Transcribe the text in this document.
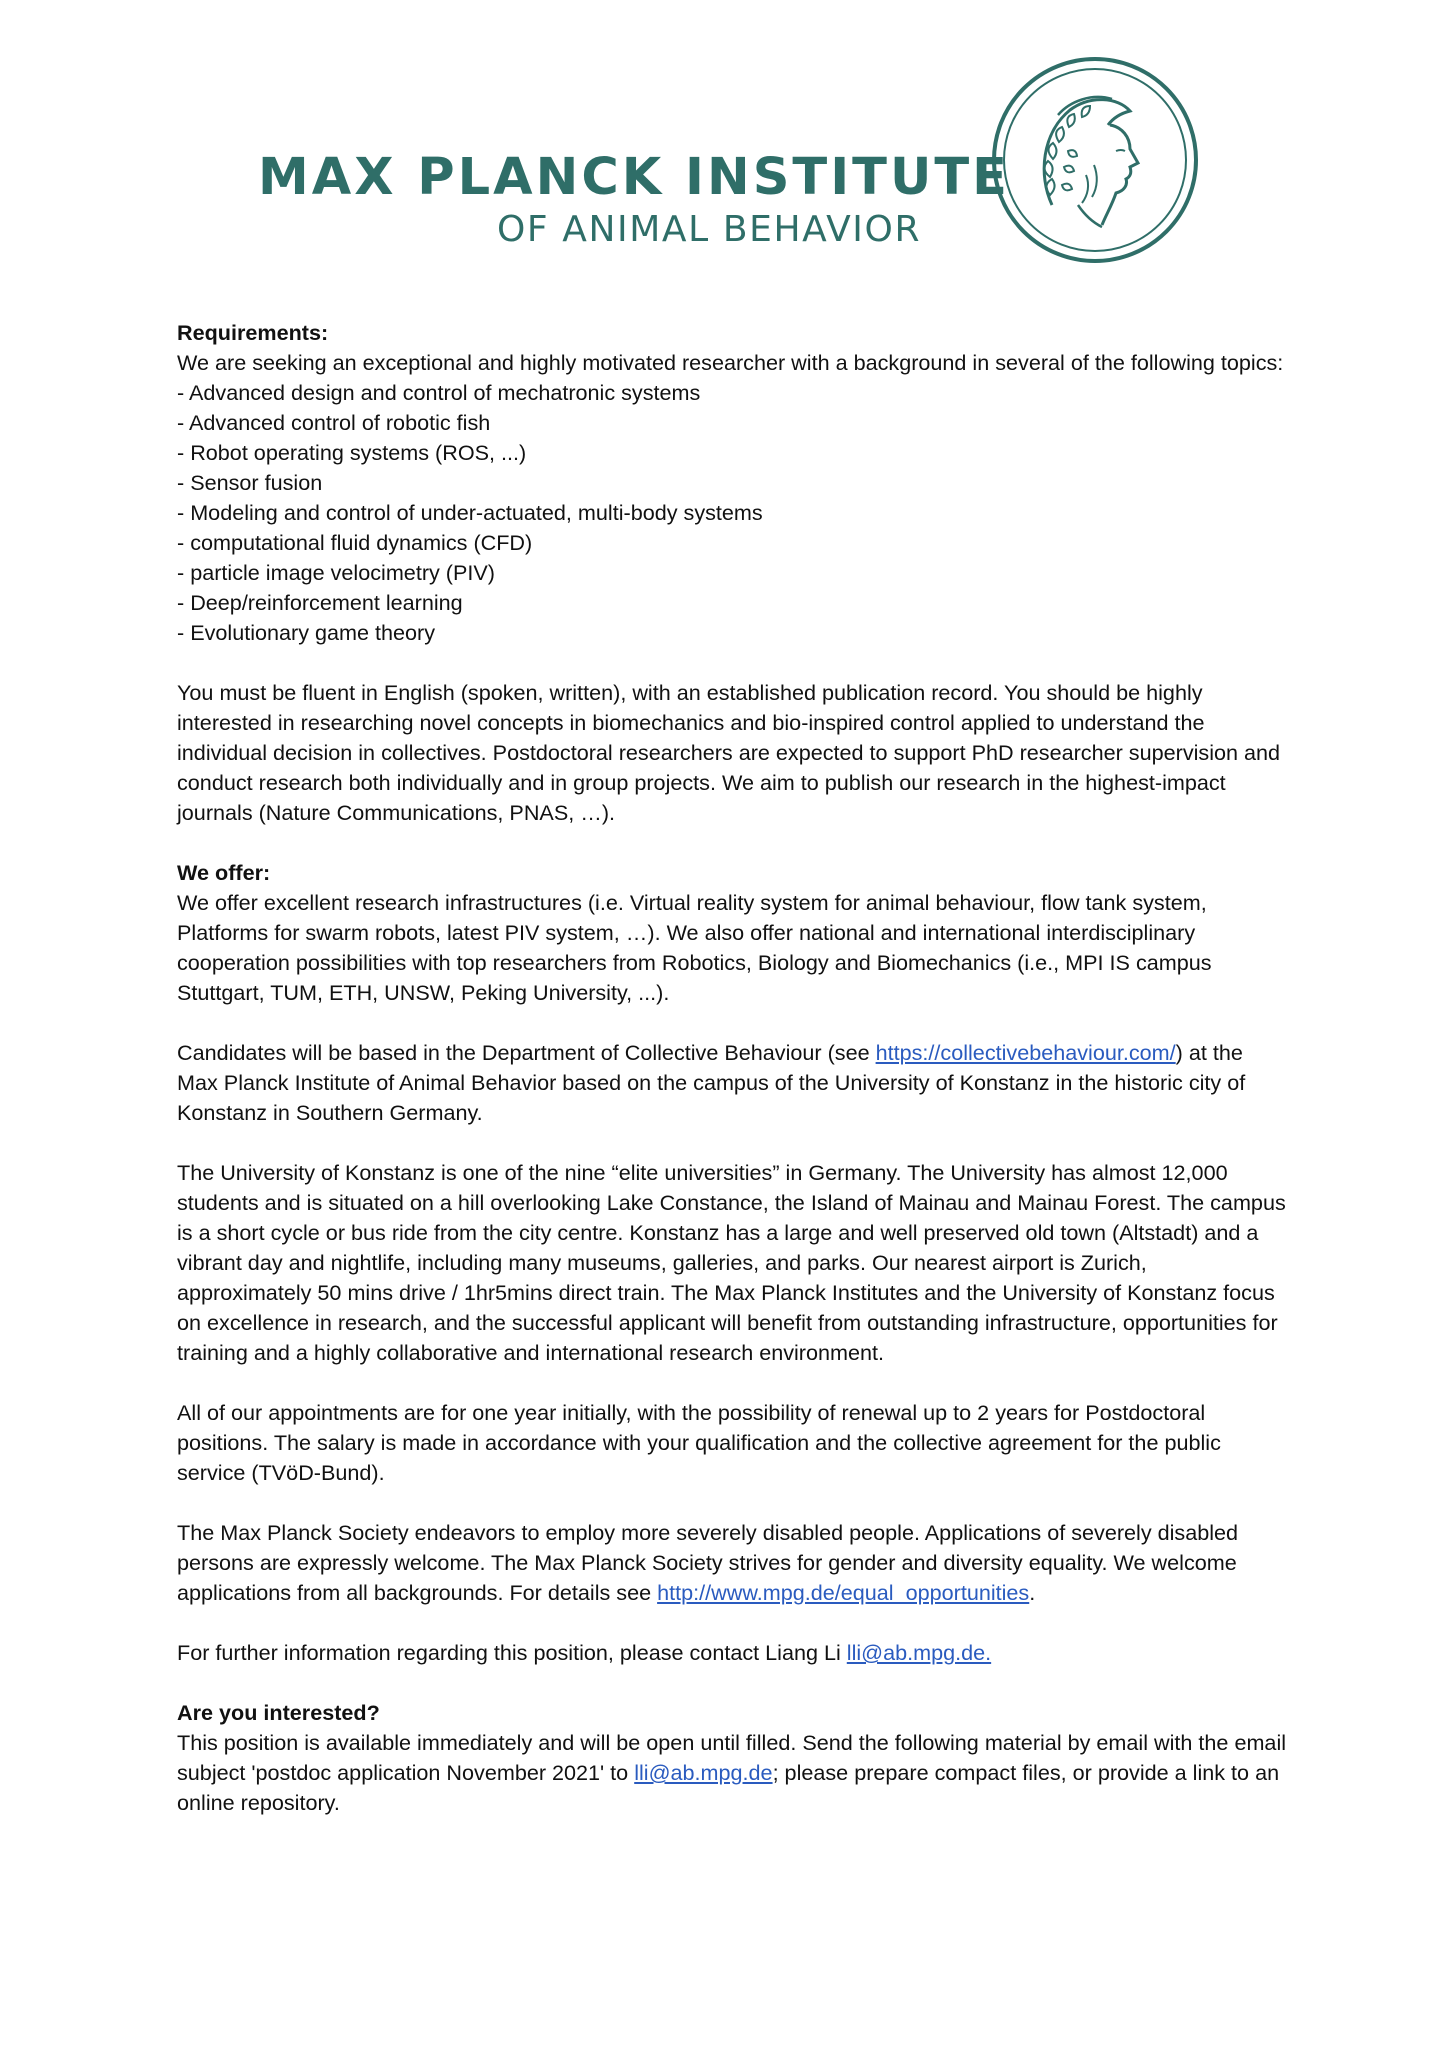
MAX PLANCK INSTITUTE
OF ANIMAL BEHAVIOR

Requirements:
We are seeking an exceptional and highly motivated researcher with a background in several of the following topics:
- Advanced design and control of mechatronic systems
- Advanced control of robotic fish
- Robot operating systems (ROS, ...)
- Sensor fusion
- Modeling and control of under-actuated, multi-body systems
- computational fluid dynamics (CFD)
- particle image velocimetry (PIV)
- Deep/reinforcement learning
- Evolutionary game theory

You must be fluent in English (spoken, written), with an established publication record. You should be highly interested in researching novel concepts in biomechanics and bio-inspired control applied to understand the individual decision in collectives. Postdoctoral researchers are expected to support PhD researcher supervision and conduct research both individually and in group projects. We aim to publish our research in the highest-impact journals (Nature Communications, PNAS, …).

We offer:
We offer excellent research infrastructures (i.e. Virtual reality system for animal behaviour, flow tank system, Platforms for swarm robots, latest PIV system, …). We also offer national and international interdisciplinary cooperation possibilities with top researchers from Robotics, Biology and Biomechanics (i.e., MPI IS campus Stuttgart, TUM, ETH, UNSW, Peking University, ...).

Candidates will be based in the Department of Collective Behaviour (see https://collectivebehaviour.com/) at the Max Planck Institute of Animal Behavior based on the campus of the University of Konstanz in the historic city of Konstanz in Southern Germany.

The University of Konstanz is one of the nine “elite universities” in Germany. The University has almost 12,000 students and is situated on a hill overlooking Lake Constance, the Island of Mainau and Mainau Forest. The campus is a short cycle or bus ride from the city centre. Konstanz has a large and well preserved old town (Altstadt) and a vibrant day and nightlife, including many museums, galleries, and parks. Our nearest airport is Zurich, approximately 50 mins drive / 1hr5mins direct train. The Max Planck Institutes and the University of Konstanz focus on excellence in research, and the successful applicant will benefit from outstanding infrastructure, opportunities for training and a highly collaborative and international research environment.

All of our appointments are for one year initially, with the possibility of renewal up to 2 years for Postdoctoral positions. The salary is made in accordance with your qualification and the collective agreement for the public service (TVöD-Bund).

The Max Planck Society endeavors to employ more severely disabled people. Applications of severely disabled persons are expressly welcome. The Max Planck Society strives for gender and diversity equality. We welcome applications from all backgrounds. For details see http://www.mpg.de/equal_opportunities.

For further information regarding this position, please contact Liang Li lli@ab.mpg.de.

Are you interested?
This position is available immediately and will be open until filled. Send the following material by email with the email subject 'postdoc application November 2021' to lli@ab.mpg.de; please prepare compact files, or provide a link to an online repository.
